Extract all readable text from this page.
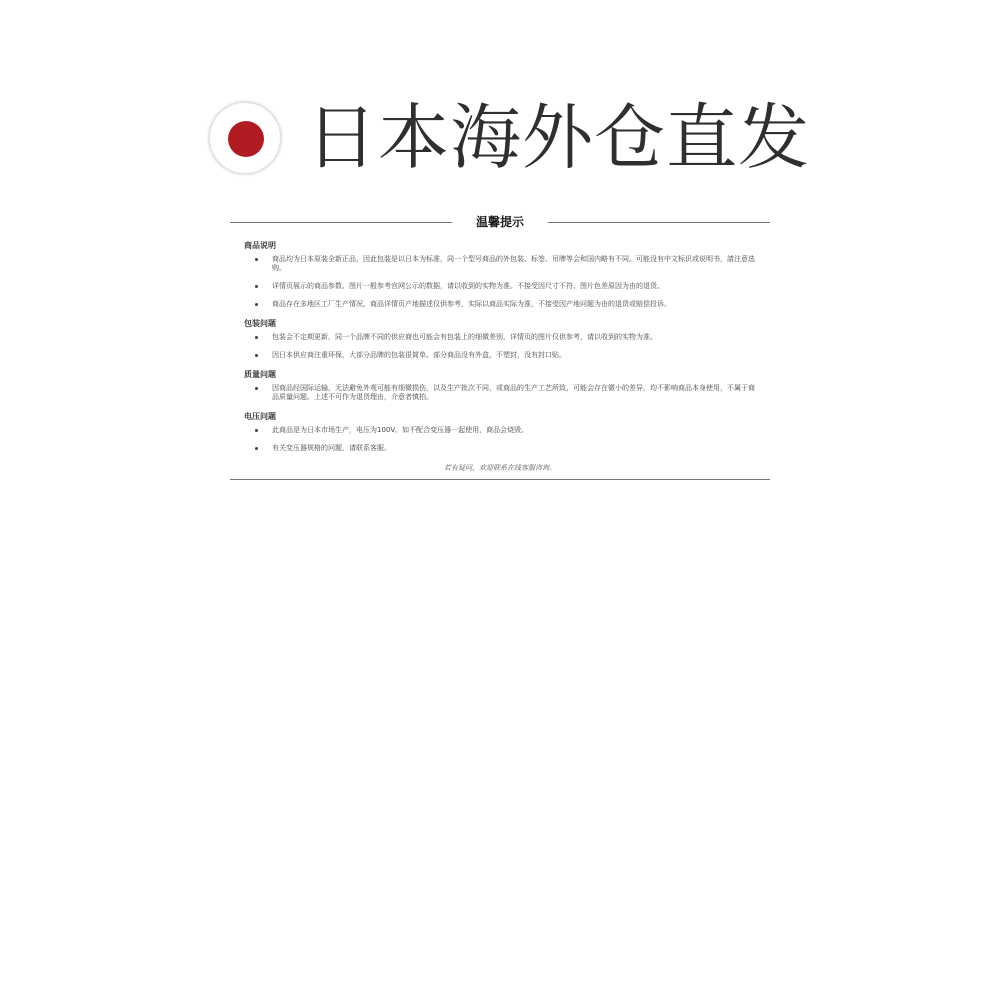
日本海外仓直发
温馨提示
商品说明
商品均为日本原装全新正品，因此包装是以日本为标准，同一个型号商品的外包装、标签、吊牌等会和国内略有不同。可能没有中文标识或说明书，請注意选购。
详情页展示的商品参数、图片一般参考官网公示的数据，请以收到的实物为准。不接受因尺寸不符、图片色差原因为由的退货。
商品存在多地区工厂生产情况，商品详情页产地描述仅供参考，实际以商品实际为准，不接受因产地问题为由的退货或赔偿投诉。
包装问题
包装会不定期更新，同一个品牌不同的供应商也可能会有包装上的细微差别，详情页的图片仅供参考，请以收到的实物为准。
因日本供应商注重环保，大部分品牌的包装很简单。部分商品没有外盒，不塑封，没有封口贴。
质量问题
因商品经国际运输，无法避免外观可能有细微损伤，以及生产批次不同，或商品的生产工艺所致，可能会存在微小的差异，均不影响商品本身使用，不属于商品质量问题。上述不可作为退货理由，介意者慎拍。
电压问题
此商品是为日本市场生产，电压为100V。如不配合变压器一起使用，商品会烧毁。
有关变压器规格的问题，请联系客服。
若有疑问，欢迎联系在线客服咨询。
